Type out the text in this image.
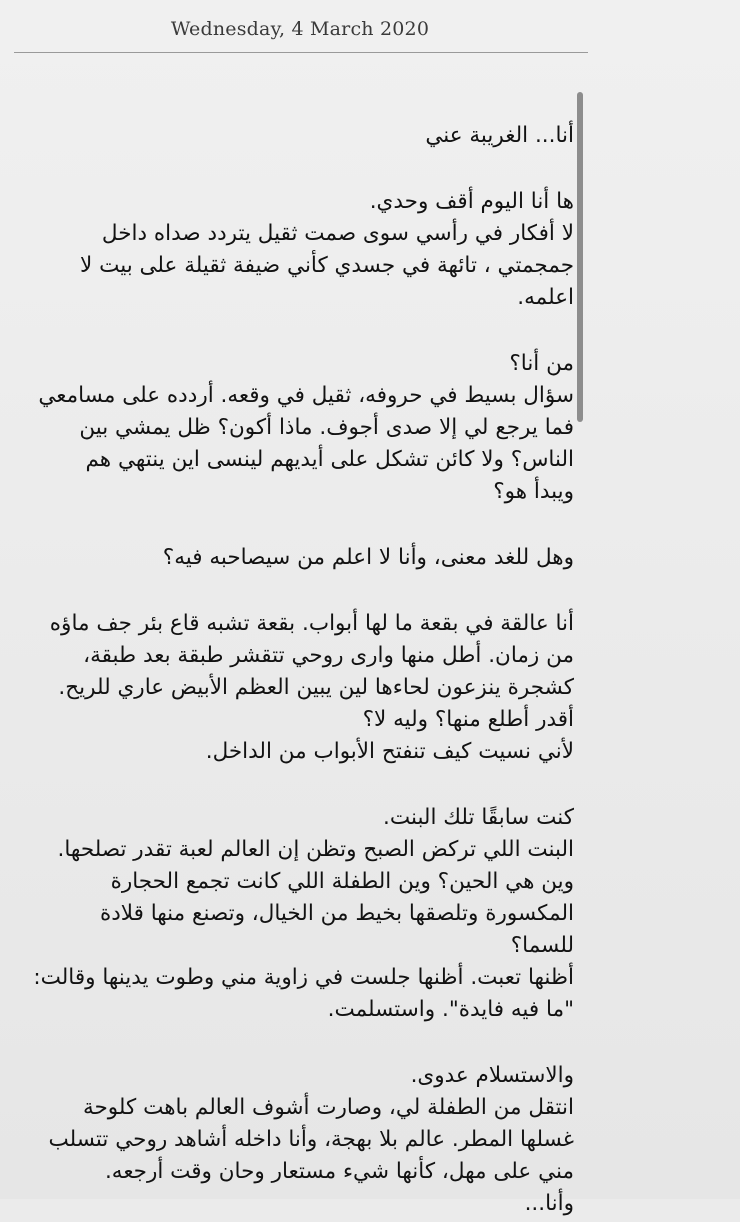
Wednesday, 4 March 2020
أنا... الغريبة عني
ها أنا اليوم أقف وحدي.
لا أفكار في رأسي سوى صمت ثقيل يتردد صداه داخل
جمجمتي ، تائهة في جسدي كأني ضيفة ثقيلة على بيت لا
اعلمه.
من أنا؟
سؤال بسيط في حروفه، ثقيل في وقعه. أردده على مسامعي
فما يرجع لي إلا صدى أجوف. ماذا أكون؟ ظل يمشي بين
الناس؟ ولا كائن تشكل على أيديهم لينسى اين ينتهي هم
ويبدأ هو؟
وهل للغد معنى، وأنا لا اعلم من سيصاحبه فيه؟
أنا عالقة في بقعة ما لها أبواب. بقعة تشبه قاع بئر جف ماؤه
من زمان. أطل منها وارى روحي تتقشر طبقة بعد طبقة،
كشجرة ينزعون لحاءها لين يبين العظم الأبيض عاري للريح.
أقدر أطلع منها؟ وليه لا؟
لأني نسيت كيف تنفتح الأبواب من الداخل.
كنت سابقًا تلك البنت.
البنت اللي تركض الصبح وتظن إن العالم لعبة تقدر تصلحها.
وين هي الحين؟ وين الطفلة اللي كانت تجمع الحجارة
المكسورة وتلصقها بخيط من الخيال، وتصنع منها قلادة
للسما؟
أظنها تعبت. أظنها جلست في زاوية مني وطوت يدينها وقالت:
"ما فيه فايدة". واستسلمت.
والاستسلام عدوى.
انتقل من الطفلة لي، وصارت أشوف العالم باهت كلوحة
غسلها المطر. عالم بلا بهجة، وأنا داخله أشاهد روحي تتسلب
مني على مهل، كأنها شيء مستعار وحان وقت أرجعه.
وأنا...
